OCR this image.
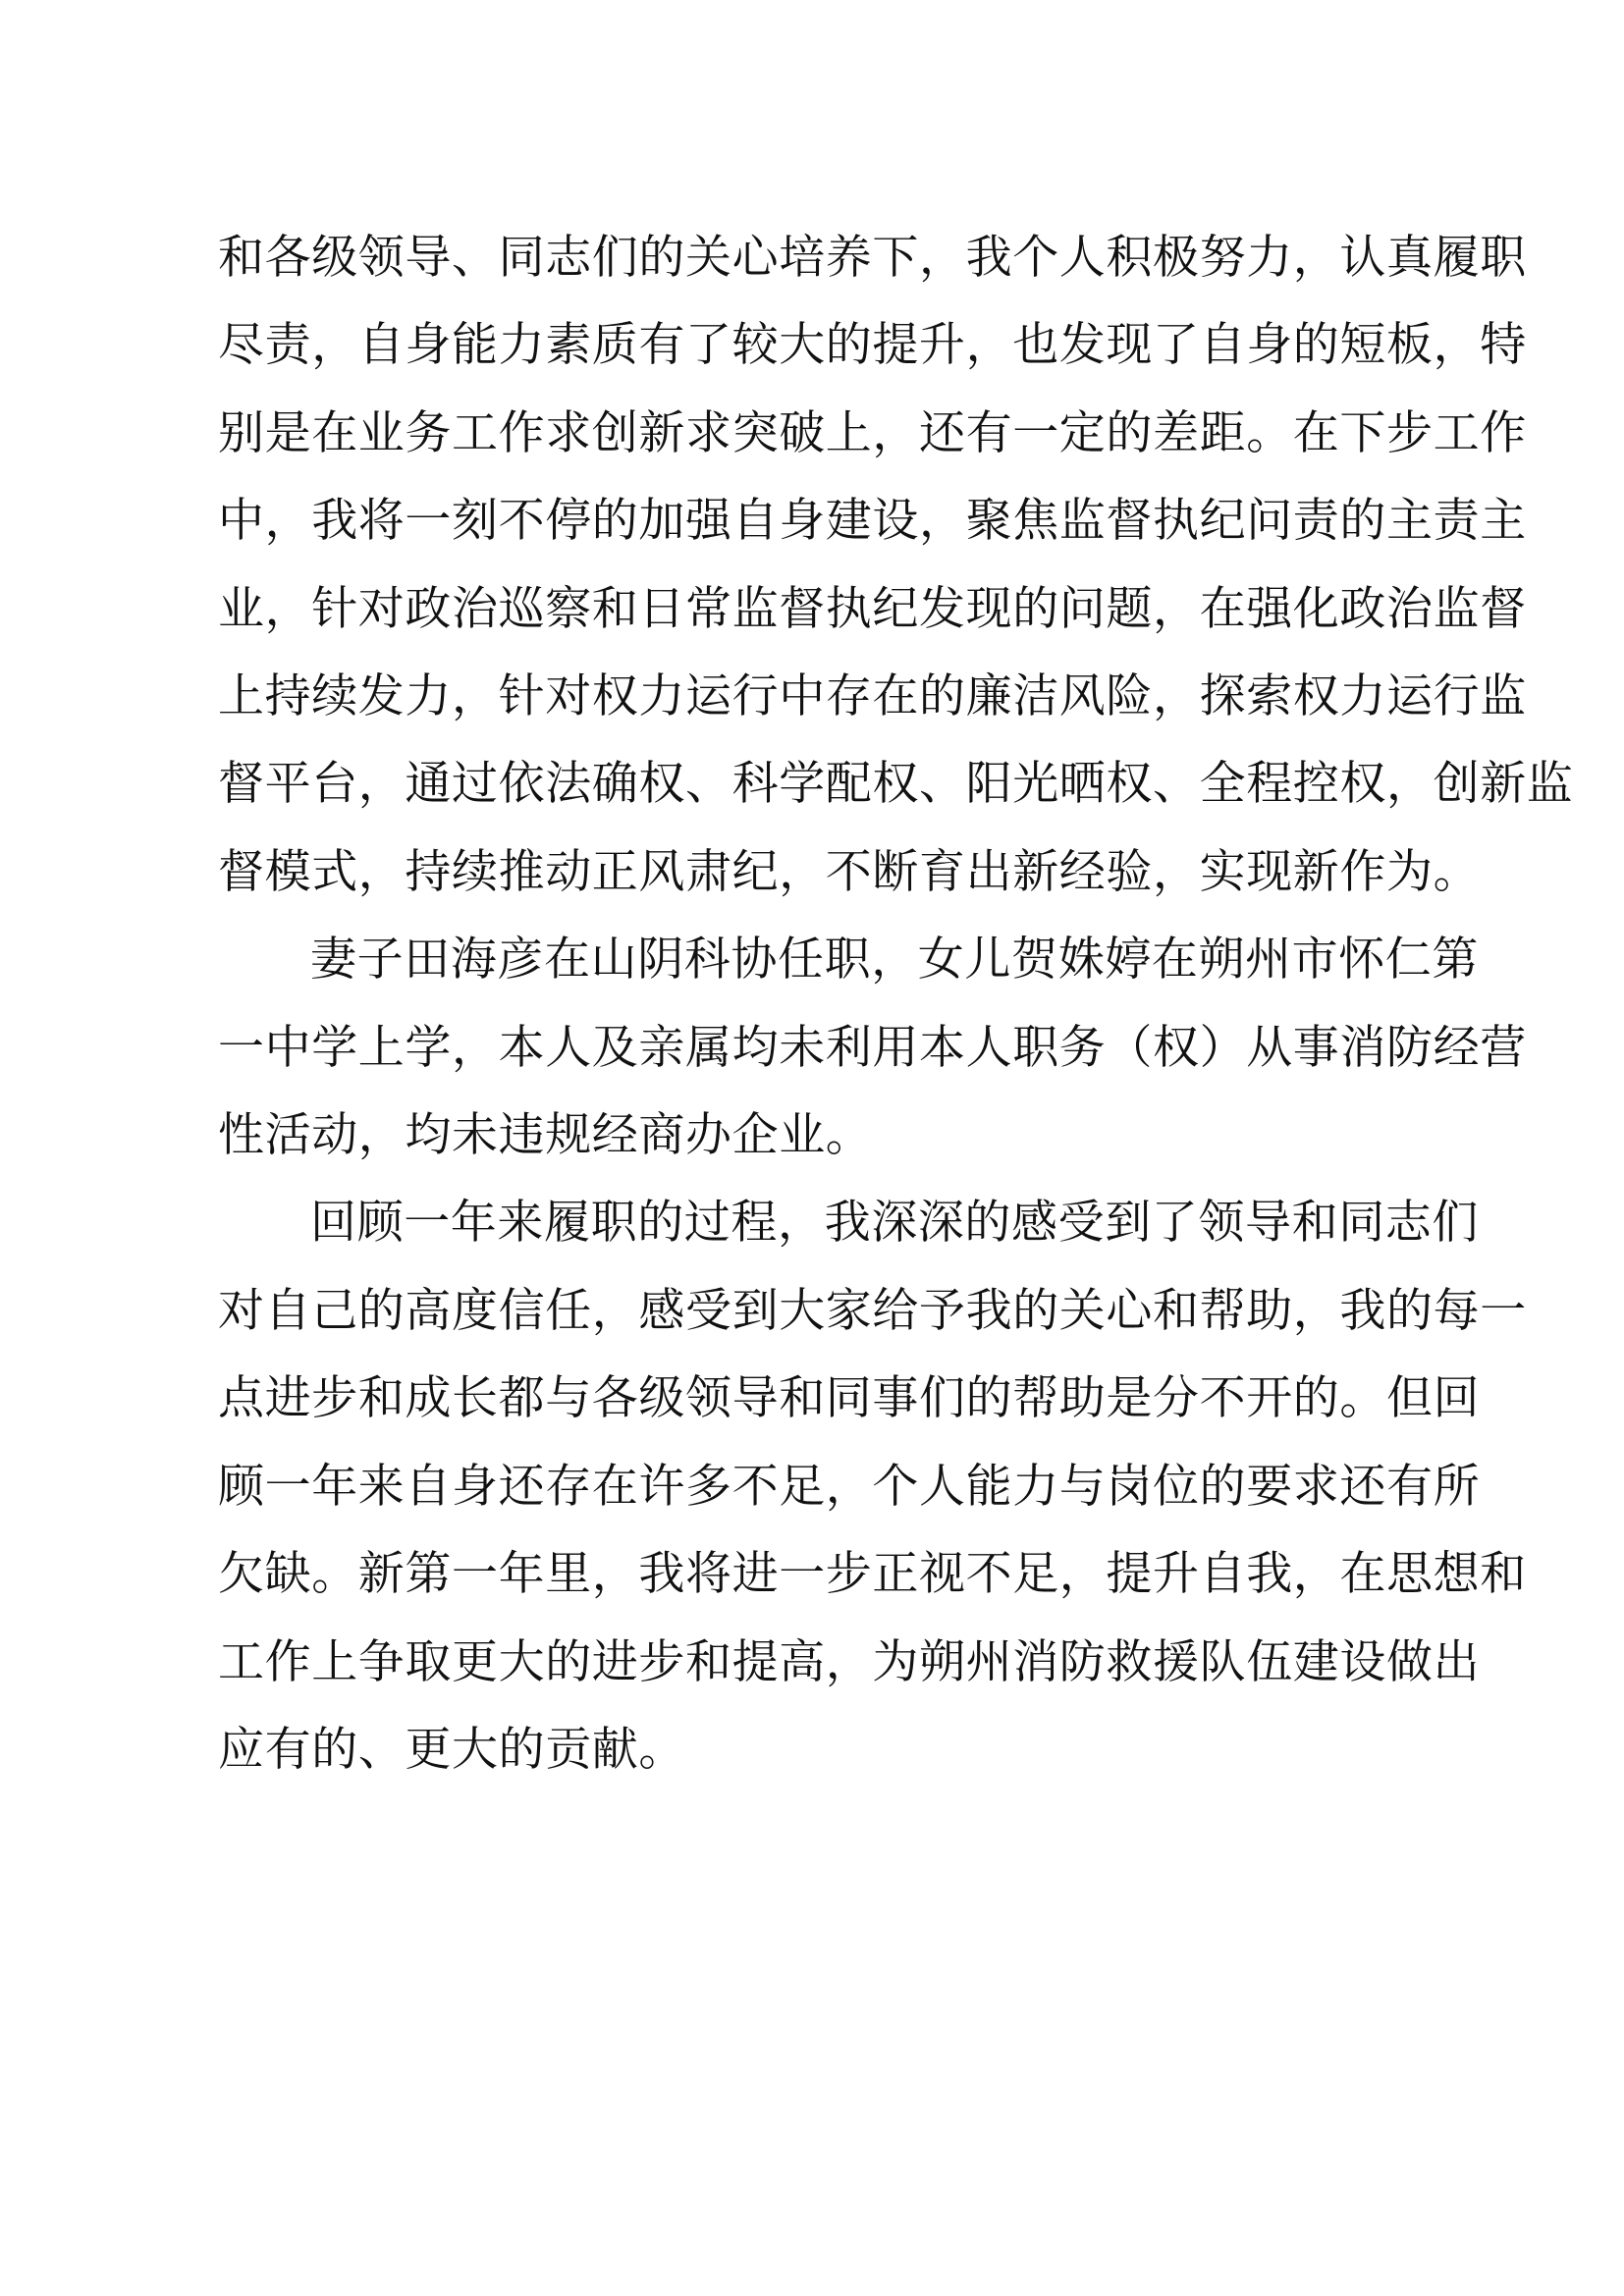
和各级领导、同志们的关心培养下，我个人积极努力，认真履职
尽责，自身能力素质有了较大的提升，也发现了自身的短板，特
别是在业务工作求创新求突破上，还有一定的差距。在下步工作
中，我将一刻不停的加强自身建设，聚焦监督执纪问责的主责主
业，针对政治巡察和日常监督执纪发现的问题，在强化政治监督
上持续发力，针对权力运行中存在的廉洁风险，探索权力运行监
督平台，通过依法确权、科学配权、阳光晒权、全程控权，创新监
督模式，持续推动正风肃纪，不断育出新经验，实现新作为。

妻子田海彦在山阴科协任职，女儿贺姝婷在朔州市怀仁第
一中学上学，本人及亲属均未利用本人职务（权）从事消防经营
性活动，均未违规经商办企业。

回顾一年来履职的过程，我深深的感受到了领导和同志们
对自己的高度信任，感受到大家给予我的关心和帮助，我的每一
点进步和成长都与各级领导和同事们的帮助是分不开的。但回
顾一年来自身还存在许多不足，个人能力与岗位的要求还有所
欠缺。新第一年里，我将进一步正视不足，提升自我，在思想和
工作上争取更大的进步和提高，为朔州消防救援队伍建设做出
应有的、更大的贡献。
